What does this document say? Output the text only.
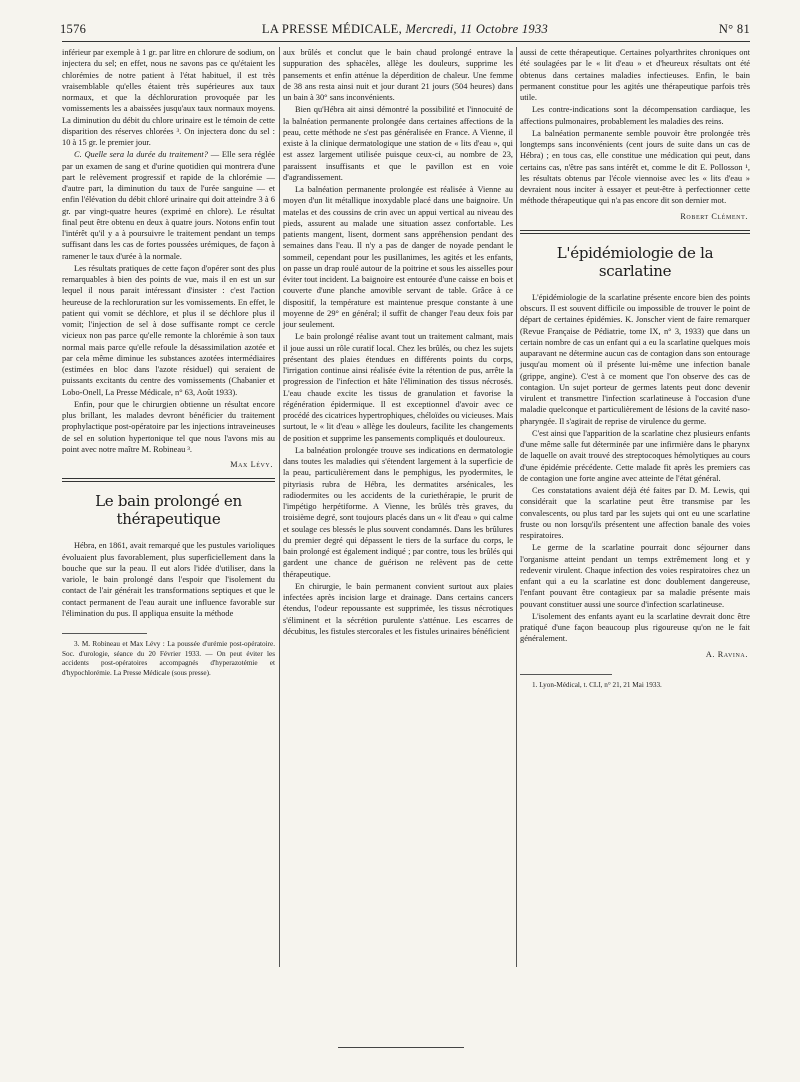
1576	LA PRESSE MÉDICALE, Mercredi, 11 Octobre 1933	N° 81

inférieur par exemple à 1 gr. par litre en chlorure de sodium, on injectera du sel; en effet, nous ne savons pas ce qu'étaient les chlorémies de notre patient à l'état habituel, il est très vraisemblable qu'elles étaient très supérieures aux taux normaux, et que la déchloruration provoquée par les vomissements les a abaissées jusqu'aux taux normaux moyens. La diminution du débit du chlore urinaire est le témoin de cette disparition des réserves chlorées ³. On injectera donc du sel : 10 à 15 gr. le premier jour.

C. Quelle sera la durée du traitement? — Elle sera réglée par un examen de sang et d'urine quotidien qui montrera d'une part le relèvement progressif et rapide de la chlorémie — d'autre part, la diminution du taux de l'urée sanguine — et enfin l'élévation du débit chloré urinaire qui doit atteindre 3 à 6 gr. par vingt-quatre heures (exprimé en chlore). Le résultat final peut être obtenu en deux à quatre jours. Notons enfin tout l'intérêt qu'il y a à poursuivre le traitement pendant un temps suffisant dans les cas de fortes poussées urémiques, de façon à ramener le taux d'urée à la normale.

Les résultats pratiques de cette façon d'opérer sont des plus remarquables à bien des points de vue, mais il en est un sur lequel il nous parait intéressant d'insister : c'est l'action heureuse de la rechloruration sur les vomissements. En effet, le patient qui vomit se déchlore, et plus il se déchlore plus il vomit; l'injection de sel à dose suffisante rompt ce cercle vicieux non pas parce qu'elle remonte la chlorémie à son taux normal mais parce qu'elle refoule la désassimilation azotée et par cela même diminue les substances azotées intermédiaires (estimées en bloc dans l'azote résiduel) qui seraient de puissants excitants du centre des vomissements (Chabanier et Lobo-Onell, La Presse Médicale, n° 63, Août 1933).

Enfin, pour que le chirurgien obtienne un résultat encore plus brillant, les malades devront bénéficier du traitement prophylactique post-opératoire par les injections intraveineuses de sel en solution hypertonique tel que nous l'avons mis au point avec notre maître M. Robineau ³.

Max Lévy.
Le bain prolongé en thérapeutique

Hébra, en 1861, avait remarqué que les pustules varioliques évoluaient plus favorablement, plus superficiellement dans la bouche que sur la peau. Il eut alors l'idée d'utiliser, dans la variole, le bain prolongé dans l'espoir que l'isolement du contact de l'air générait les transformations septiques et que le contact permanent de l'eau aurait une influence favorable sur l'élimination du pus. Il appliqua ensuite la méthode

3. M. Robineau et Max Lévy : La poussée d'urémie post-opératoire. Soc. d'urologie, séance du 20 Février 1933. — On peut éviter les accidents post-opératoires accompagnés d'hyperazotémie et d'hypochlorémie. La Presse Médicale (sous presse).

aux brûlés et conclut que le bain chaud prolongé entrave la suppuration des sphacèles, allège les douleurs, supprime les pansements et enfin atténue la déperdition de chaleur. Une femme de 38 ans resta ainsi nuit et jour durant 21 jours (504 heures) dans un bain à 30° sans inconvénients.

Bien qu'Hébra ait ainsi démontré la possibilité et l'innocuité de la balnéation permanente prolongée dans certaines affections de la peau, cette méthode ne s'est pas généralisée en France. A Vienne, il existe à la clinique dermatologique une station de « lits d'eau », qui est assez largement utilisée puisque ceux-ci, au nombre de 23, paraissent insuffisants et que le pavillon est en voie d'agrandissement.

La balnéation permanente prolongée est réalisée à Vienne au moyen d'un lit métallique inoxydable placé dans une baignoire. Un matelas et des coussins de crin avec un appui vertical au niveau des pieds, assurent au malade une situation assez confortable. Les patients mangent, lisent, dorment sans appréhension pendant des semaines dans l'eau. Il n'y a pas de danger de noyade pendant le sommeil, cependant pour les pusillanimes, les agités et les enfants, on passe un drap roulé autour de la poitrine et sous les aisselles pour éviter tout incident. La baignoire est entourée d'une caisse en bois et couverte d'une planche amovible servant de table. Grâce à ce dispositif, la température est maintenue presque constante à une moyenne de 29° en général; il suffit de changer l'eau deux fois par jour seulement.

Le bain prolongé réalise avant tout un traitement calmant, mais il joue aussi un rôle curatif local. Chez les brûlés, ou chez les sujets présentant des plaies étendues en différents points du corps, l'irrigation continue ainsi réalisée évite la rétention de pus, arrête la progression de l'infection et hâte l'élimination des tissus nécrosés. L'eau chaude excite les tissus de granulation et favorise la régénération épidermique. Il est exceptionnel d'avoir avec ce procédé des cicatrices hypertrophiques, chéloïdes ou vicieuses. Mais surtout, le « lit d'eau » allège les douleurs, facilite les changements de position et supprime les pansements compliqués et douloureux.

La balnéation prolongée trouve ses indications en dermatologie dans toutes les maladies qui s'étendent largement à la superficie de la peau, particulièrement dans le pemphigus, les pyodermites, le pityriasis rubra de Hébra, les dermatites arsénicales, les radiodermites ou les accidents de la curiethérapie, le prurit de l'impétigo herpétiforme. A Vienne, les brûlés très graves, du troisième degré, sont toujours placés dans un « lit d'eau » qui calme et soulage ces blessés le plus souvent condamnés. Dans les brûlures du premier degré qui dépassent le tiers de la surface du corps, le bain prolongé est également indiqué ; par contre, tous les brûlés qui gardent une chance de guérison ne relèvent pas de cette thérapeutique.

En chirurgie, le bain permanent convient surtout aux plaies infectées après incision large et drainage. Dans certains cancers étendus, l'odeur repoussante est supprimée, les tissus nécrotiques s'éliminent et la sécrétion purulente s'atténue. Les escarres de décubitus, les fistules stercorales et les fistules urinaires bénéficient

aussi de cette thérapeutique. Certaines polyarthrites chroniques ont été soulagées par le « lit d'eau » et d'heureux résultats ont été obtenus dans certaines maladies infectieuses. Enfin, le bain permanent constitue pour les agités une thérapeutique parfois très utile.

Les contre-indications sont la décompensation cardiaque, les affections pulmonaires, probablement les maladies des reins.

La balnéation permanente semble pouvoir être prolongée très longtemps sans inconvénients (cent jours de suite dans un cas de Hébra) ; en tous cas, elle constitue une médication qui peut, dans certains cas, n'être pas sans intérêt et, comme le dit E. Pollosson ¹, les résultats obtenus par l'école viennoise avec les « lits d'eau » devraient nous inciter à essayer et peut-être à perfectionner cette méthode thérapeutique qui n'a pas encore dit son dernier mot.

Robert Clément.
L'épidémiologie de la scarlatine

L'épidémiologie de la scarlatine présente encore bien des points obscurs. Il est souvent difficile ou impossible de trouver le point de départ de certaines épidémies. K. Jonscher vient de faire remarquer (Revue Française de Pédiatrie, tome IX, n° 3, 1933) que dans un certain nombre de cas un enfant qui a eu la scarlatine quelques mois auparavant ne détermine aucun cas de contagion dans son entourage jusqu'au moment où il présente lui-même une infection banale (grippe, angine). C'est à ce moment que l'on observe des cas de contagion. Un sujet porteur de germes latents peut donc devenir virulent et transmettre l'infection scarlatineuse à l'occasion d'une maladie quelconque et particulièrement de lésions de la cavité naso-pharyngée. Il s'agirait de reprise de virulence du germe.

C'est ainsi que l'apparition de la scarlatine chez plusieurs enfants d'une même salle fut déterminée par une infirmière dans le pharynx de laquelle on avait trouvé des streptocoques hémolytiques au cours d'une épidémie précédente. Cette malade fit après les premiers cas de contagion une forte angine avec atteinte de l'état général.

Ces constatations avaient déjà été faites par D. M. Lewis, qui considérait que la scarlatine peut être transmise par les convalescents, ou plus tard par les sujets qui ont eu une scarlatine fruste ou non lorsqu'ils présentent une affection banale des voies respiratoires.

Le germe de la scarlatine pourrait donc séjourner dans l'organisme atteint pendant un temps extrêmement long et y redevenir virulent. Chaque infection des voies respiratoires chez un enfant qui a eu la scarlatine est donc doublement dangereuse, l'enfant pouvant être contagieux par sa maladie présente mais pouvant constituer aussi une source d'infection scarlatineuse.

L'isolement des enfants ayant eu la scarlatine devrait donc être pratiqué d'une façon beaucoup plus rigoureuse qu'on ne le fait généralement.

A. Ravina.

1. Lyon-Médical, t. CLI, n° 21, 21 Mai 1933.
